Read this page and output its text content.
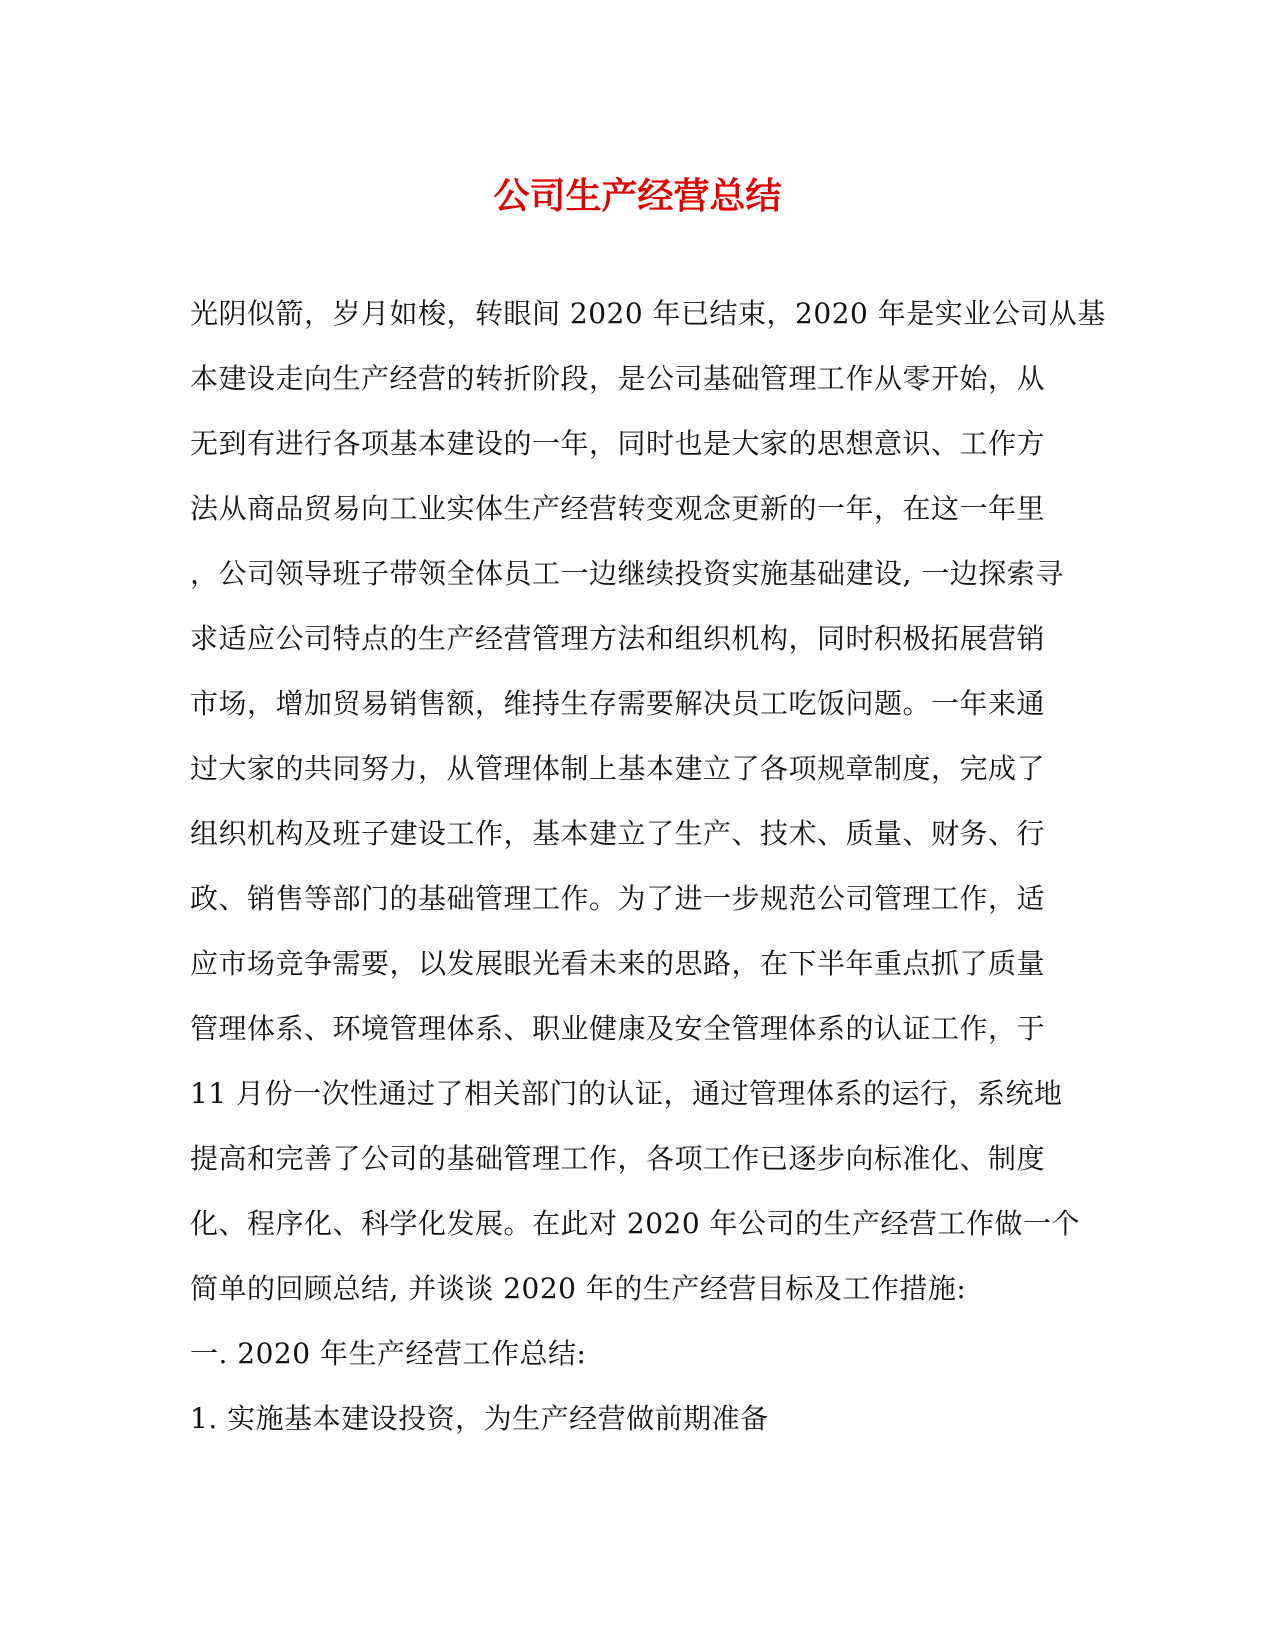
公司生产经营总结
光阴似箭，岁月如梭，转眼间 2020 年已结束，2020 年是实业公司从基
本建设走向生产经营的转折阶段，是公司基础管理工作从零开始，从
无到有进行各项基本建设的一年，同时也是大家的思想意识、工作方
法从商品贸易向工业实体生产经营转变观念更新的一年，在这一年里
，公司领导班子带领全体员工一边继续投资实施基础建设, 一边探索寻
求适应公司特点的生产经营管理方法和组织机构，同时积极拓展营销
市场，增加贸易销售额，维持生存需要解决员工吃饭问题。一年来通
过大家的共同努力，从管理体制上基本建立了各项规章制度，完成了
组织机构及班子建设工作，基本建立了生产、技术、质量、财务、行
政、销售等部门的基础管理工作。为了进一步规范公司管理工作，适
应市场竞争需要，以发展眼光看未来的思路，在下半年重点抓了质量
管理体系、环境管理体系、职业健康及安全管理体系的认证工作，于
11 月份一次性通过了相关部门的认证，通过管理体系的运行，系统地
提高和完善了公司的基础管理工作，各项工作已逐步向标准化、制度
化、程序化、科学化发展。在此对 2020 年公司的生产经营工作做一个
简单的回顾总结, 并谈谈 2020 年的生产经营目标及工作措施:
一. 2020 年生产经营工作总结:
1. 实施基本建设投资，为生产经营做前期准备
